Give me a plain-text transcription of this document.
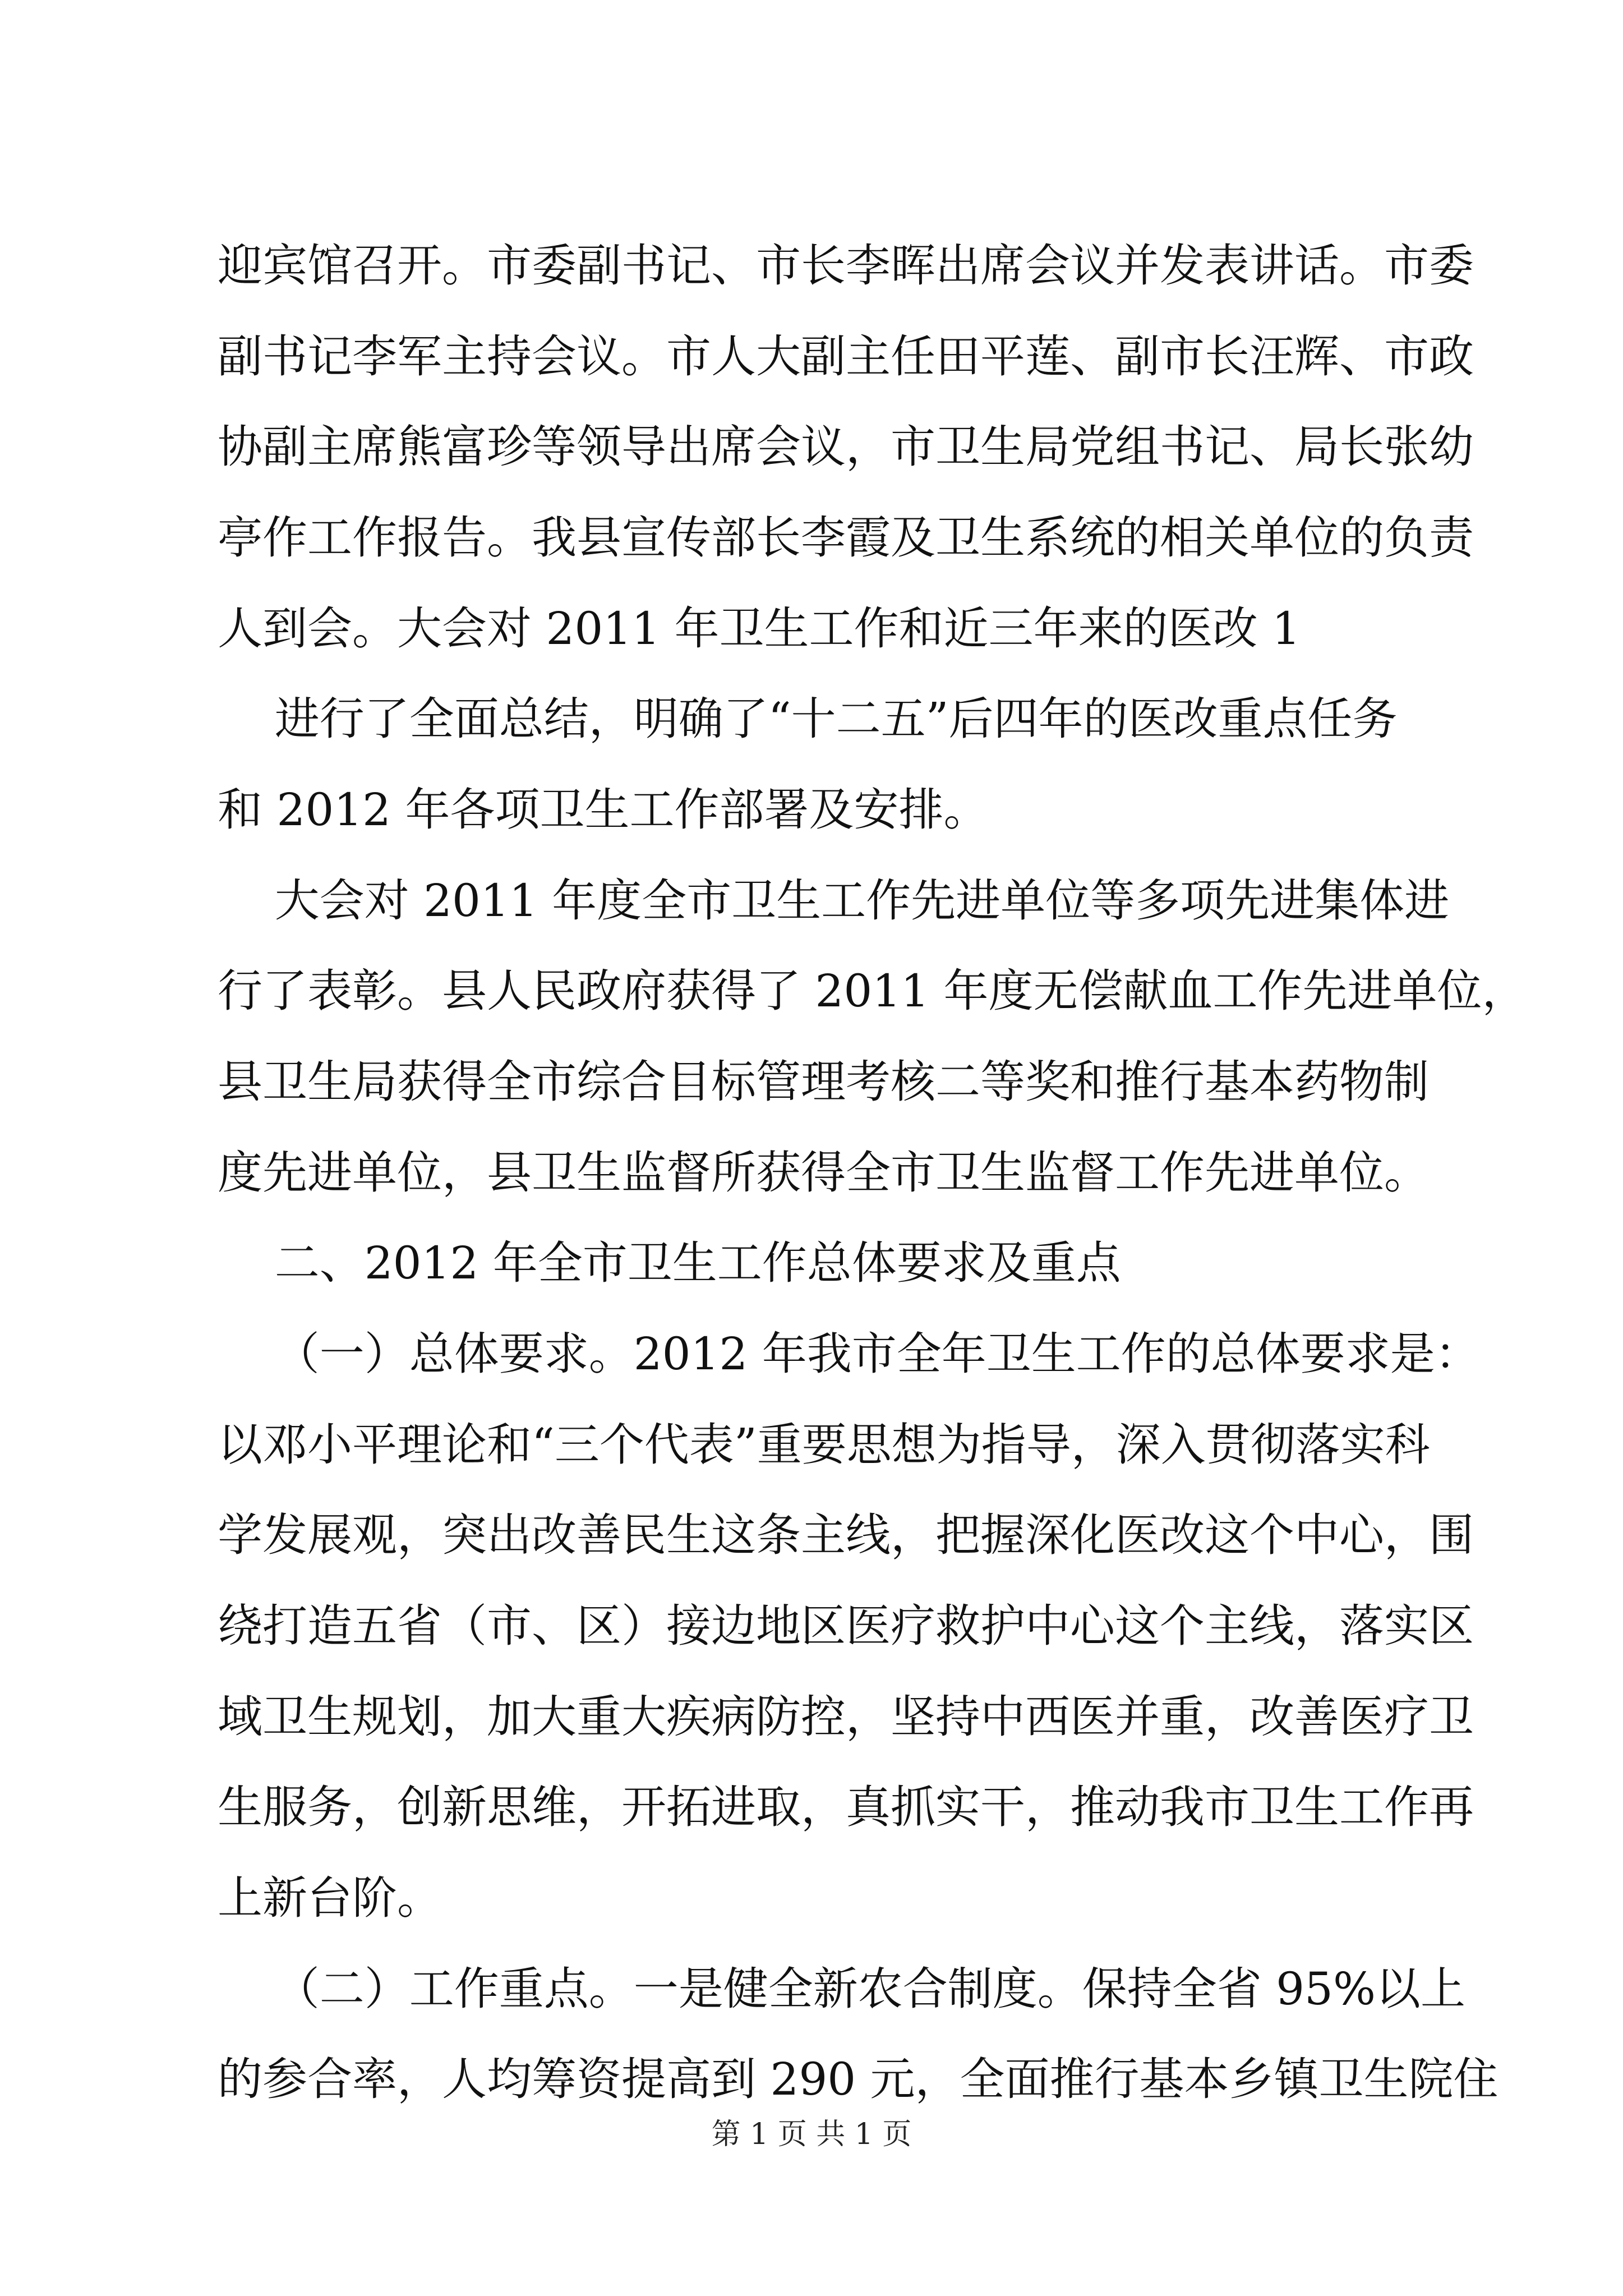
迎宾馆召开。市委副书记、市长李晖出席会议并发表讲话。市委
副书记李军主持会议。市人大副主任田平莲、副市长汪辉、市政
协副主席熊富珍等领导出席会议，市卫生局党组书记、局长张幼
亭作工作报告。我县宣传部长李霞及卫生系统的相关单位的负责
人到会。大会对 2011 年卫生工作和近三年来的医改 1
进行了全面总结，明确了“十二五”后四年的医改重点任务
和 2012 年各项卫生工作部署及安排。
大会对 2011 年度全市卫生工作先进单位等多项先进集体进
行了表彰。县人民政府获得了 2011 年度无偿献血工作先进单位，
县卫生局获得全市综合目标管理考核二等奖和推行基本药物制
度先进单位，县卫生监督所获得全市卫生监督工作先进单位。
二、2012 年全市卫生工作总体要求及重点
（一）总体要求。2012 年我市全年卫生工作的总体要求是：
以邓小平理论和“三个代表”重要思想为指导，深入贯彻落实科
学发展观，突出改善民生这条主线，把握深化医改这个中心，围
绕打造五省（市、区）接边地区医疗救护中心这个主线，落实区
域卫生规划，加大重大疾病防控，坚持中西医并重，改善医疗卫
生服务，创新思维，开拓进取，真抓实干，推动我市卫生工作再
上新台阶。
（二）工作重点。一是健全新农合制度。保持全省 95%以上
的参合率，人均筹资提高到 290 元，全面推行基本乡镇卫生院住
第 1 页 共 1 页
